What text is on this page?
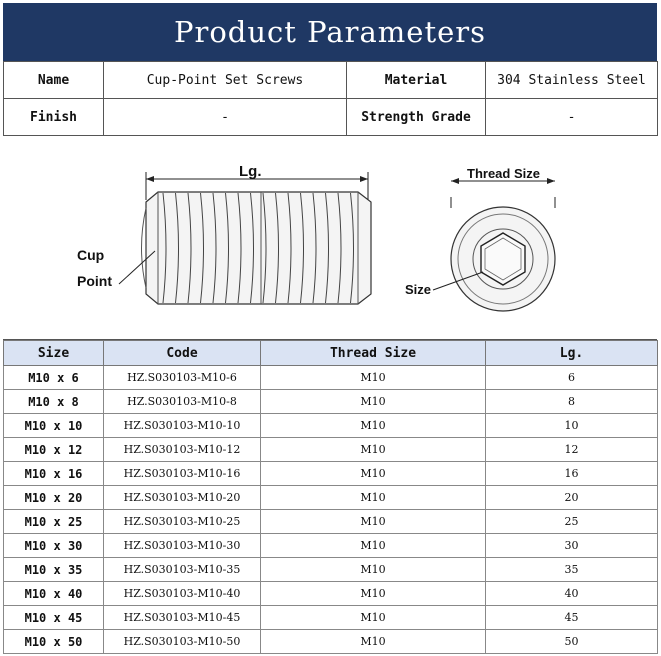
Product Parameters
Name	Cup-Point Set Screws	Material	304 Stainless Steel
Finish	-	Strength Grade	-
Lg.
Cup
Point
Thread Size
Size
Size	Code	Thread Size	Lg.
M10 x 6	HZ.S030103-M10-6	M10	6
M10 x 8	HZ.S030103-M10-8	M10	8
M10 x 10	HZ.S030103-M10-10	M10	10
M10 x 12	HZ.S030103-M10-12	M10	12
M10 x 16	HZ.S030103-M10-16	M10	16
M10 x 20	HZ.S030103-M10-20	M10	20
M10 x 25	HZ.S030103-M10-25	M10	25
M10 x 30	HZ.S030103-M10-30	M10	30
M10 x 35	HZ.S030103-M10-35	M10	35
M10 x 40	HZ.S030103-M10-40	M10	40
M10 x 45	HZ.S030103-M10-45	M10	45
M10 x 50	HZ.S030103-M10-50	M10	50
